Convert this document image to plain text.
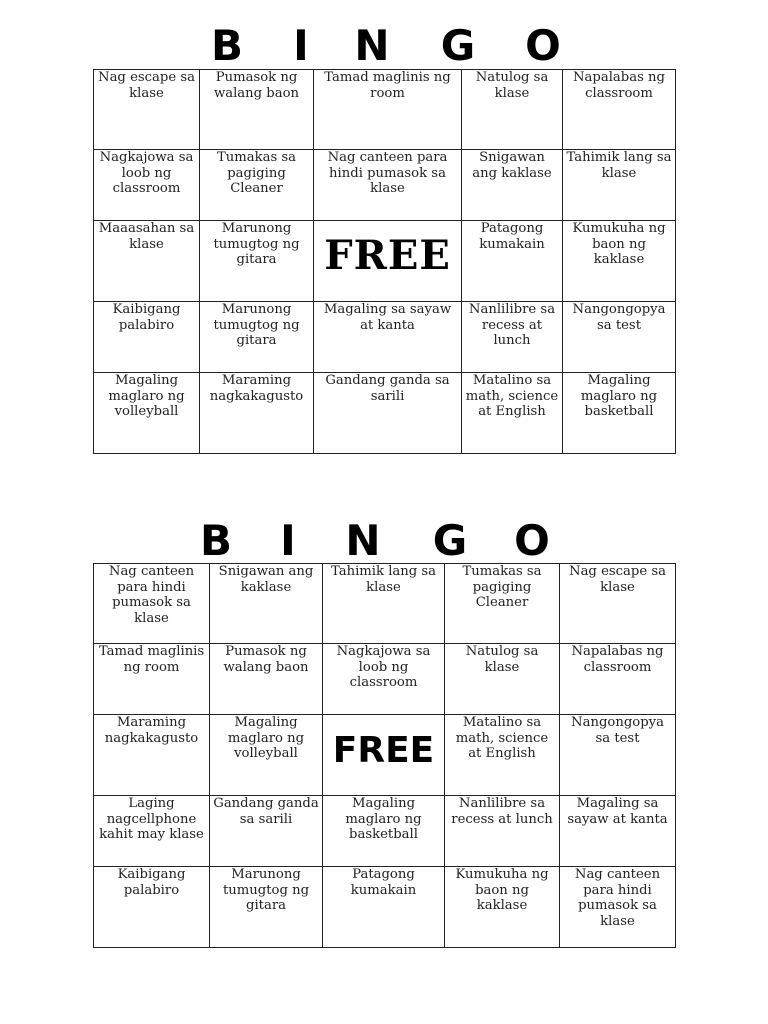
B I N G O
Nag escape sa klase	Pumasok ng walang baon	Tamad maglinis ng room	Natulog sa klase	Napalabas ng classroom
Nagkajowa sa loob ng classroom	Tumakas sa pagiging Cleaner	Nag canteen para hindi pumasok sa klase	Snigawan ang kaklase	Tahimik lang sa klase
Maaasahan sa klase	Marunong tumugtog ng gitara	FREE	Patagong kumakain	Kumukuha ng baon ng kaklase
Kaibigang palabiro	Marunong tumugtog ng gitara	Magaling sa sayaw at kanta	Nanlilibre sa recess at lunch	Nangongopya sa test
Magaling maglaro ng volleyball	Maraming nagkakagusto	Gandang ganda sa sarili	Matalino sa math, science at English	Magaling maglaro ng basketball
B I N G O
Nag canteen para hindi pumasok sa klase	Snigawan ang kaklase	Tahimik lang sa klase	Tumakas sa pagiging Cleaner	Nag escape sa klase
Tamad maglinis ng room	Pumasok ng walang baon	Nagkajowa sa loob ng classroom	Natulog sa klase	Napalabas ng classroom
Maraming nagkakagusto	Magaling maglaro ng volleyball	FREE	Matalino sa math, science at English	Nangongopya sa test
Laging nagcellphone kahit may klase	Gandang ganda sa sarili	Magaling maglaro ng basketball	Nanlilibre sa recess at lunch	Magaling sa sayaw at kanta
Kaibigang palabiro	Marunong tumugtog ng gitara	Patagong kumakain	Kumukuha ng baon ng kaklase	Nag canteen para hindi pumasok sa klase
